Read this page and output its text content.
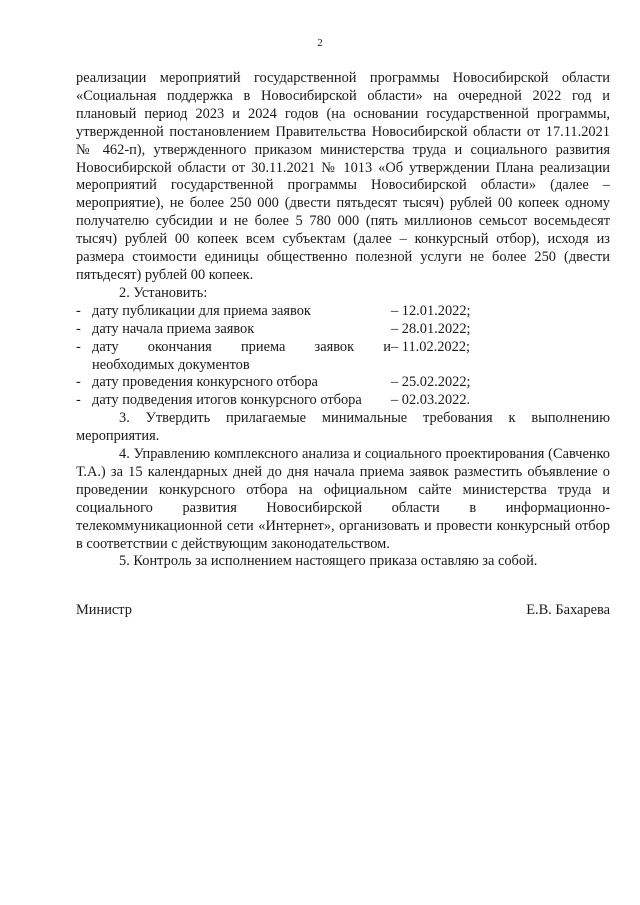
2

реализации мероприятий государственной программы Новосибирской области «Социальная поддержка в Новосибирской области» на очередной 2022 год и плановый период 2023 и 2024 годов (на основании государственной программы, утвержденной постановлением Правительства Новосибирской области от 17.11.2021 № 462-п), утвержденного приказом министерства труда и социального развития Новосибирской области от 30.11.2021 № 1013 «Об утверждении Плана реализации мероприятий государственной программы Новосибирской области» (далее – мероприятие), не более 250 000 (двести пятьдесят тысяч) рублей 00 копеек одному получателю субсидии и не более 5 780 000 (пять миллионов семьсот восемьдесят тысяч) рублей 00 копеек всем субъектам (далее – конкурсный отбор), исходя из размера стоимости единицы общественно полезной услуги не более 250 (двести пятьдесят) рублей 00 копеек.

2. Установить:

- дату публикации для приема заявок	– 12.01.2022;
- дату начала приема заявок	– 28.01.2022;
- дату окончания приема заявок и – 11.02.2022;
необходимых документов
- дату проведения конкурсного отбора	– 25.02.2022;
- дату подведения итогов конкурсного отбора	– 02.03.2022.

3. Утвердить прилагаемые минимальные требования к выполнению мероприятия.

4. Управлению комплексного анализа и социального проектирования (Савченко Т.А.) за 15 календарных дней до дня начала приема заявок разместить объявление о проведении конкурсного отбора на официальном сайте министерства труда и социального развития Новосибирской области в информационно-телекоммуникационной сети «Интернет», организовать и провести конкурсный отбор в соответствии с действующим законодательством.

5. Контроль за исполнением настоящего приказа оставляю за собой.

Министр	Е.В. Бахарева
